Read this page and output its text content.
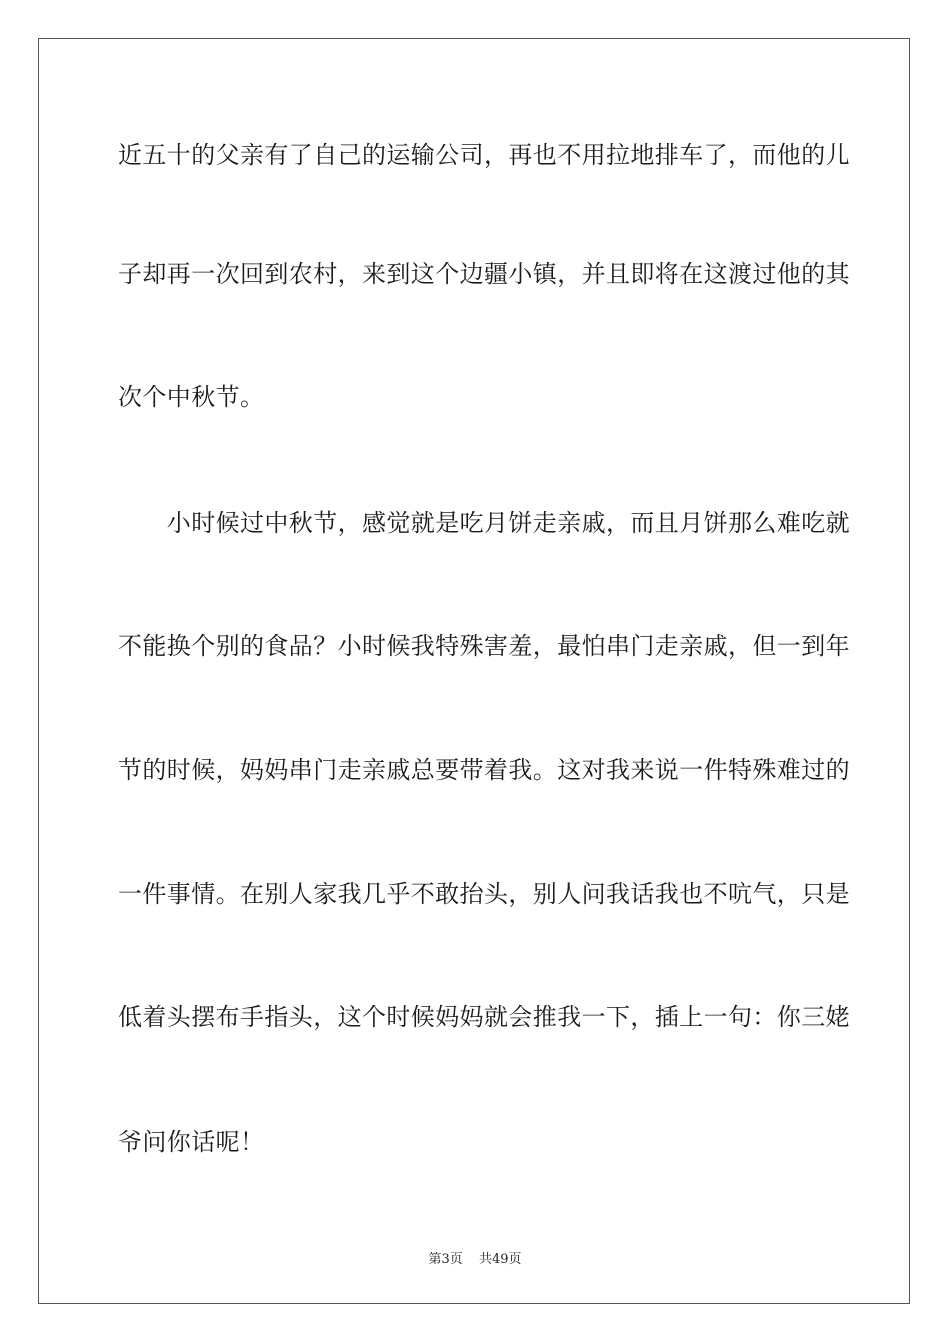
近五十的父亲有了自己的运输公司，再也不用拉地排车了，而他的儿
子却再一次回到农村，来到这个边疆小镇，并且即将在这渡过他的其
次个中秋节。
　　小时候过中秋节，感觉就是吃月饼走亲戚，而且月饼那么难吃就
不能换个别的食品？小时候我特殊害羞，最怕串门走亲戚，但一到年
节的时候，妈妈串门走亲戚总要带着我。这对我来说一件特殊难过的
一件事情。在别人家我几乎不敢抬头，别人问我话我也不吭气，只是
低着头摆布手指头，这个时候妈妈就会推我一下，插上一句：你三姥
爷问你话呢！
第3页 共49页
